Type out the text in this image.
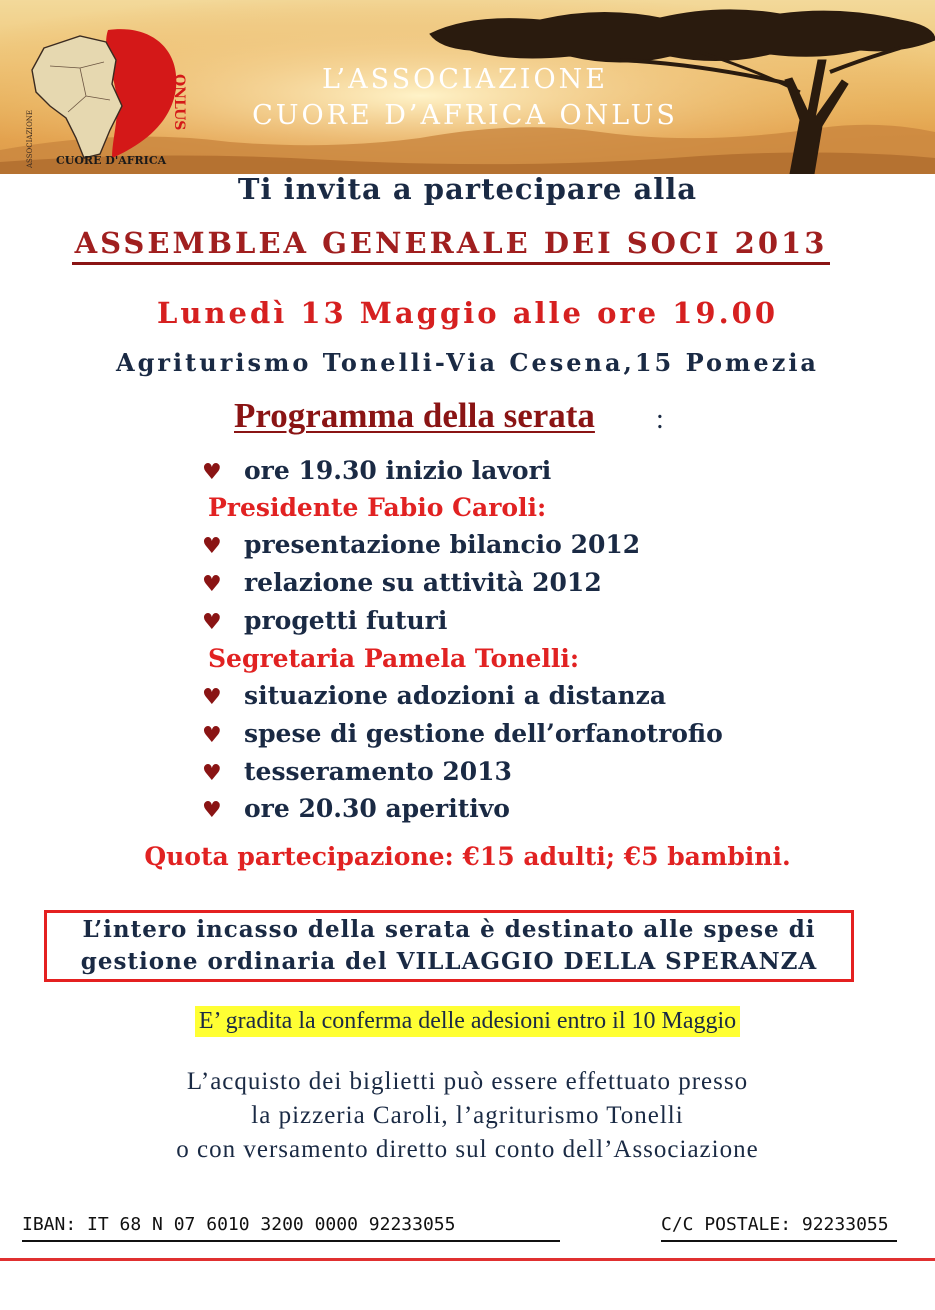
ONLUS
ASSOCIAZIONE CUORE D'AFRICA
L’ASSOCIAZIONE
CUORE D’AFRICA ONLUS
Ti invita a partecipare alla
ASSEMBLEA GENERALE DEI SOCI 2013
Lunedì 13 Maggio alle ore 19.00
Agriturismo Tonelli-Via Cesena,15 Pomezia
Programma della serata :
♥ ore 19.30 inizio lavori
Presidente Fabio Caroli:
♥ presentazione bilancio 2012
♥ relazione su attività 2012
♥ progetti futuri
Segretaria Pamela Tonelli:
♥ situazione adozioni a distanza
♥ spese di gestione dell’orfanotrofio
♥ tesseramento 2013
♥ ore 20.30 aperitivo
Quota partecipazione: €15 adulti; €5 bambini.
L’intero incasso della serata è destinato alle spese di
gestione ordinaria del VILLAGGIO DELLA SPERANZA
E’ gradita la conferma delle adesioni entro il 10 Maggio
L’acquisto dei biglietti può essere effettuato presso
la pizzeria Caroli, l’agriturismo Tonelli
o con versamento diretto sul conto dell’Associazione
IBAN: IT 68 N 07 6010 3200 0000 92233055	C/C POSTALE: 92233055
